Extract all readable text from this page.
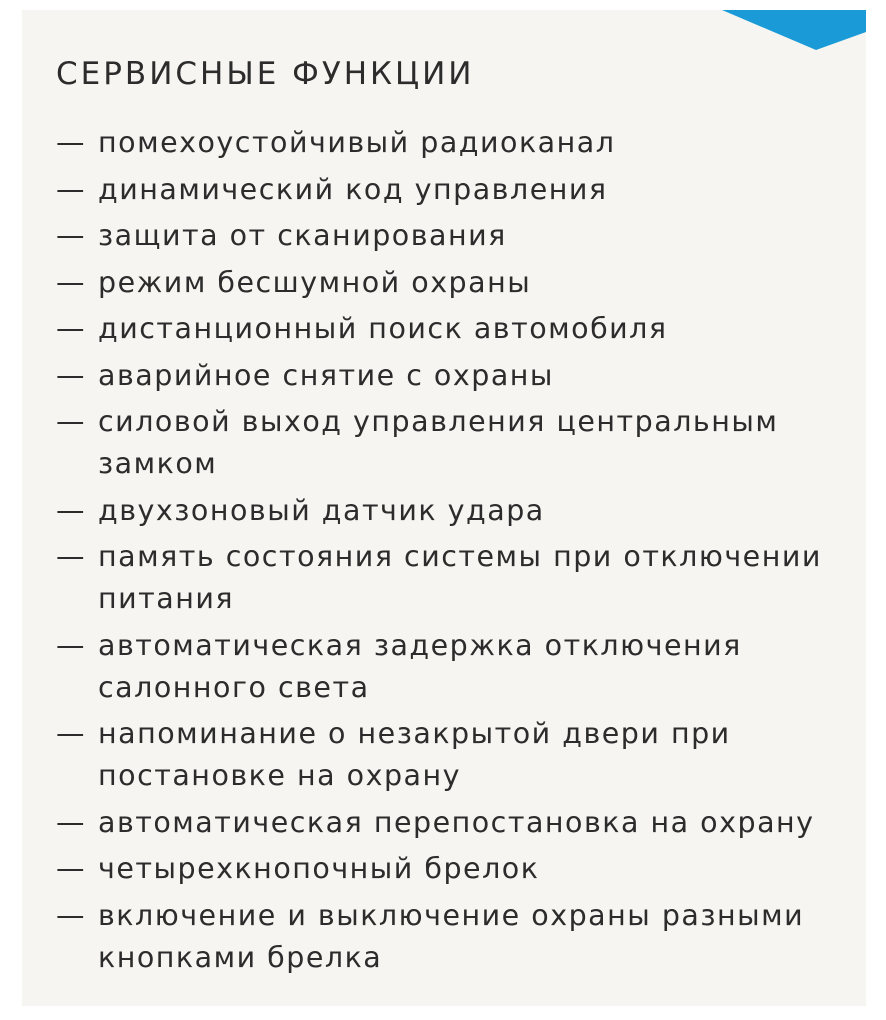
СЕРВИСНЫЕ ФУНКЦИИ
— помехоустойчивый радиоканал
— динамический код управления
— защита от сканирования
— режим бесшумной охраны
— дистанционный поиск автомобиля
— аварийное снятие с охраны
— силовой выход управления центральным замком
— двухзоновый датчик удара
— память состояния системы при отключении питания
— автоматическая задержка отключения салонного света
— напоминание о незакрытой двери при постановке на охрану
— автоматическая перепостановка на охрану
— четырехкнопочный брелок
— включение и выключение охраны разными кнопками брелка
